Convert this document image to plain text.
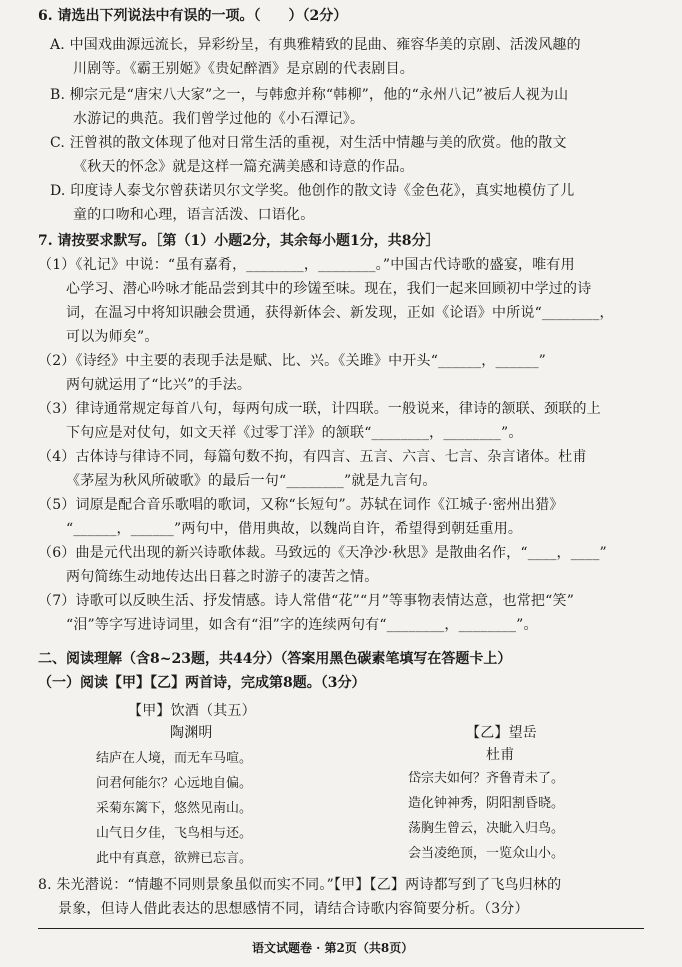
6. 请选出下列说法中有误的一项。（　　）（2分）
A. 中国戏曲源远流长，异彩纷呈，有典雅精致的昆曲、雍容华美的京剧、活泼风趣的
川剧等。《霸王别姬》《贵妃醉酒》是京剧的代表剧目。
B. 柳宗元是“唐宋八大家”之一，与韩愈并称“韩柳”，他的“永州八记”被后人视为山
水游记的典范。我们曾学过他的《小石潭记》。
C. 汪曾祺的散文体现了他对日常生活的重视，对生活中情趣与美的欣赏。他的散文
《秋天的怀念》就是这样一篇充满美感和诗意的作品。
D. 印度诗人泰戈尔曾获诺贝尔文学奖。他创作的散文诗《金色花》，真实地模仿了儿
童的口吻和心理，语言活泼、口语化。
7. 请按要求默写。［第（1）小题2分，其余每小题1分，共8分］
（1）《礼记》中说：“虽有嘉肴，________，________。”中国古代诗歌的盛宴，唯有用
心学习、潜心吟咏才能品尝到其中的珍馐至味。现在，我们一起来回顾初中学过的诗
词，在温习中将知识融会贯通，获得新体会、新发现，正如《论语》中所说“________，
可以为师矣”。
（2）《诗经》中主要的表现手法是赋、比、兴。《关雎》中开头“______，______”
两句就运用了“比兴”的手法。
（3）律诗通常规定每首八句，每两句成一联，计四联。一般说来，律诗的颔联、颈联的上
下句应是对仗句，如文天祥《过零丁洋》的颔联“________，________”。
（4）古体诗与律诗不同，每篇句数不拘，有四言、五言、六言、七言、杂言诸体。杜甫
《茅屋为秋风所破歌》的最后一句“________”就是九言句。
（5）词原是配合音乐歌唱的歌词，又称“长短句”。苏轼在词作《江城子·密州出猎》
“______，______”两句中，借用典故，以魏尚自许，希望得到朝廷重用。
（6）曲是元代出现的新兴诗歌体裁。马致远的《天净沙·秋思》是散曲名作，“____，____”
两句简练生动地传达出日暮之时游子的凄苦之情。
（7）诗歌可以反映生活、抒发情感。诗人常借“花”“月”等事物表情达意，也常把“笑”
“泪”等字写进诗词里，如含有“泪”字的连续两句有“________，________”。
二、阅读理解（含8~23题，共44分）（答案用黑色碳素笔填写在答题卡上）
（一）阅读【甲】【乙】两首诗，完成第8题。（3分）
【甲】饮酒（其五）
陶渊明
结庐在人境，而无车马喧。
问君何能尔？心远地自偏。
采菊东篱下，悠然见南山。
山气日夕佳，飞鸟相与还。
此中有真意，欲辨已忘言。
【乙】望岳
杜甫
岱宗夫如何？齐鲁青未了。
造化钟神秀，阴阳割昏晓。
荡胸生曾云，决眦入归鸟。
会当凌绝顶，一览众山小。
8. 朱光潜说：“情趣不同则景象虽似而实不同。”【甲】【乙】两诗都写到了飞鸟归林的
景象，但诗人借此表达的思想感情不同，请结合诗歌内容简要分析。（3分）
语文试题卷 · 第2页（共8页）
